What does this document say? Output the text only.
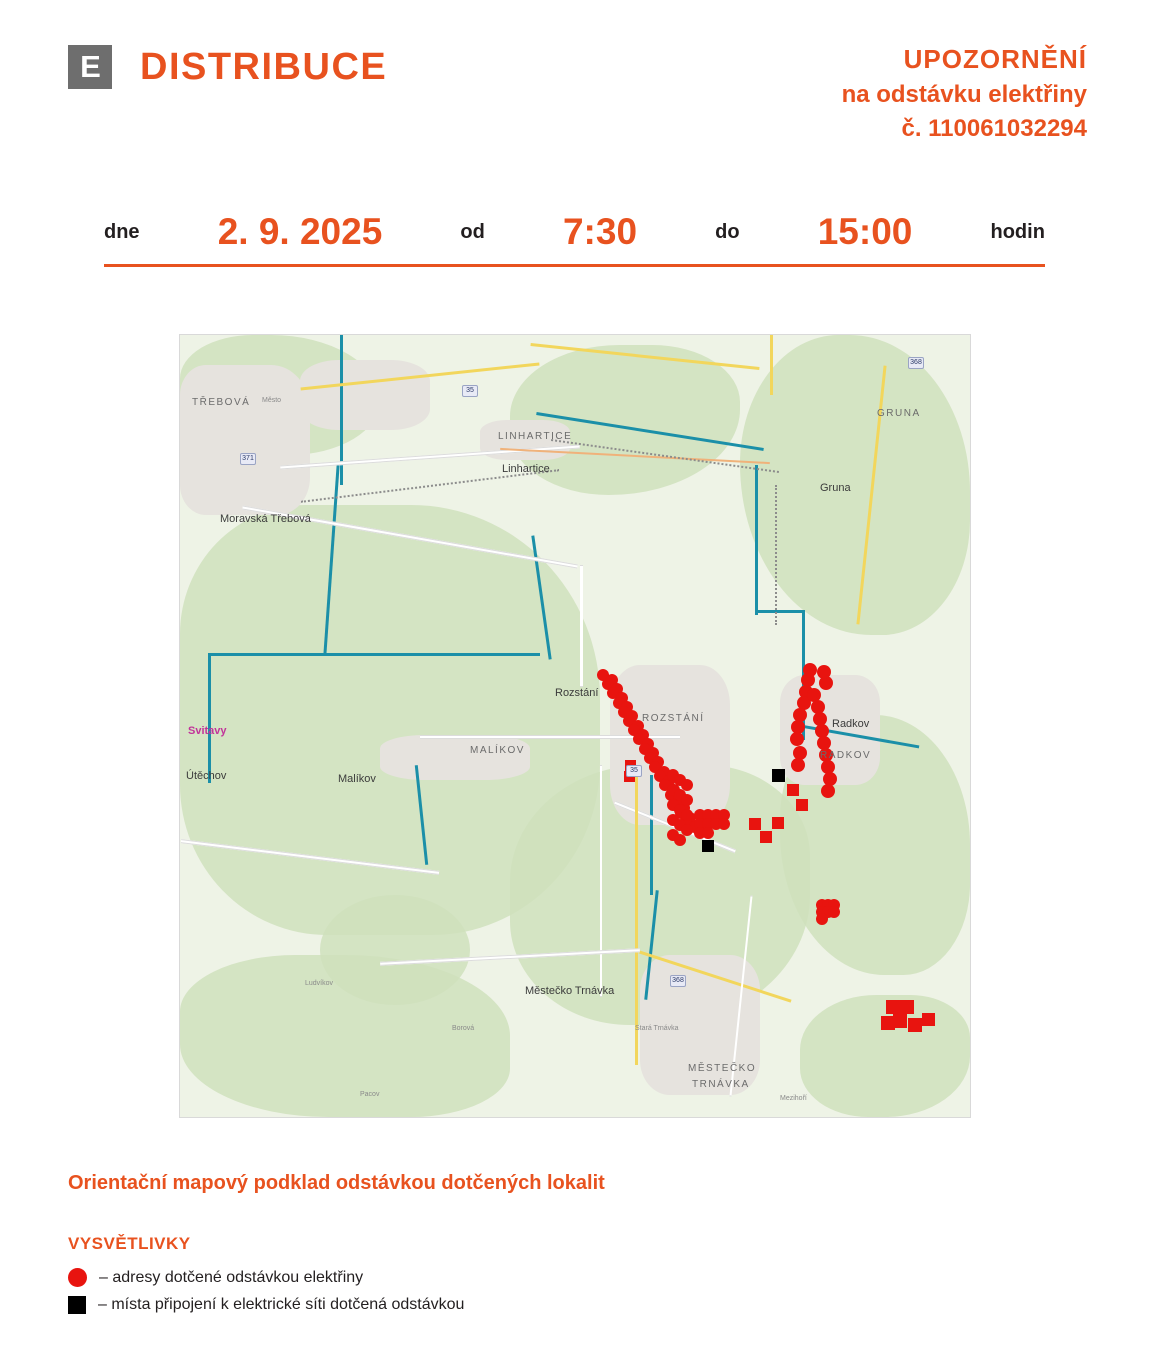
E	DISTRIBUCE	UPOZORNĚNÍ
na odstávku elektřiny
č. 110061032294
dne 2. 9. 2025	od 7:30	do 15:00	hodin
TŘEBOVÁ Město
Moravská Třebová
LINHARTICE
Linhartice
GRUNA
Gruna
Svitavy
Útěchov
MALÍKOV
Malíkov
Rozstání
ROZSTÁNÍ	Radkov
RADKOV
Ludvíkov
Městečko Trnávka
MĚSTEČKO
TRNÁVKA
Pacov
Mezihoří
Borová	Stará Trnávka
35
368
371
35
368
Orientační mapový podklad odstávkou dotčených lokalit
VYSVĚTLIVKY
– adresy dotčené odstávkou elektřiny
– místa připojení k elektrické síti dotčená odstávkou
